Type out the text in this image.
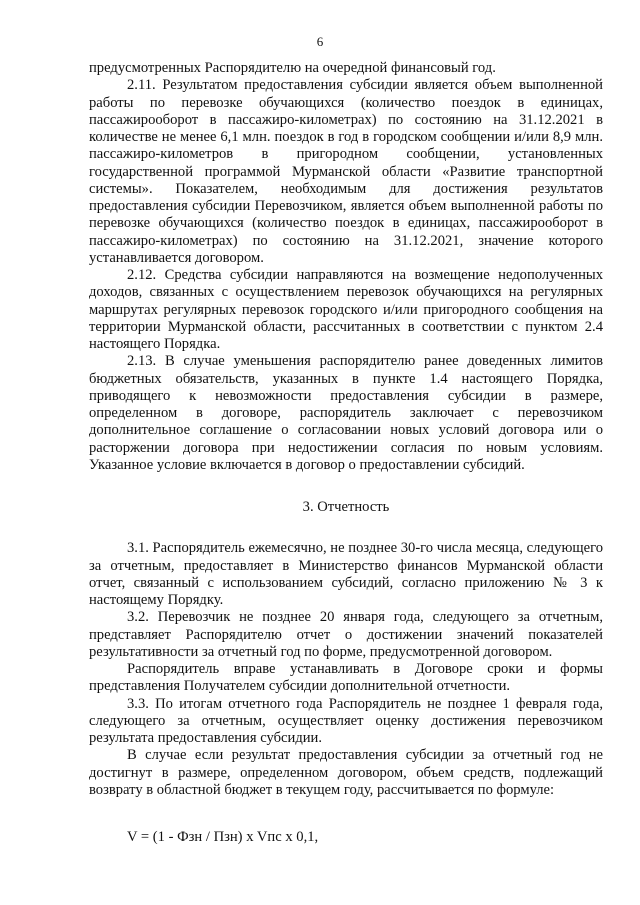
6

предусмотренных Распорядителю на очередной финансовый год.

2.11. Результатом предоставления субсидии является объем выполненной работы по перевозке обучающихся (количество поездок в единицах, пассажирооборот в пассажиро-километрах) по состоянию на 31.12.2021 в количестве не менее 6,1 млн. поездок в год в городском сообщении и/или 8,9 млн. пассажиро-километров в пригородном сообщении, установленных государственной программой Мурманской области «Развитие транспортной системы». Показателем, необходимым для достижения результатов предоставления субсидии Перевозчиком, является объем выполненной работы по перевозке обучающихся (количество поездок в единицах, пассажирооборот в пассажиро-километрах) по состоянию на 31.12.2021, значение которого устанавливается договором.

2.12. Средства субсидии направляются на возмещение недополученных доходов, связанных с осуществлением перевозок обучающихся на регулярных маршрутах регулярных перевозок городского и/или пригородного сообщения на территории Мурманской области, рассчитанных в соответствии с пунктом 2.4 настоящего Порядка.

2.13. В случае уменьшения распорядителю ранее доведенных лимитов бюджетных обязательств, указанных в пункте 1.4 настоящего Порядка, приводящего к невозможности предоставления субсидии в размере, определенном в договоре, распорядитель заключает с перевозчиком дополнительное соглашение о согласовании новых условий договора или о расторжении договора при недостижении согласия по новым условиям. Указанное условие включается в договор о предоставлении субсидий.

3. Отчетность

3.1. Распорядитель ежемесячно, не позднее 30-го числа месяца, следующего за отчетным, предоставляет в Министерство финансов Мурманской области отчет, связанный с использованием субсидий, согласно приложению № 3 к настоящему Порядку.

3.2. Перевозчик не позднее 20 января года, следующего за отчетным, представляет Распорядителю отчет о достижении значений показателей результативности за отчетный год по форме, предусмотренной договором.

Распорядитель вправе устанавливать в Договоре сроки и формы представления Получателем субсидии дополнительной отчетности.

3.3. По итогам отчетного года Распорядитель не позднее 1 февраля года, следующего за отчетным, осуществляет оценку достижения перевозчиком результата предоставления субсидии.

В случае если результат предоставления субсидии за отчетный год не достигнут в размере, определенном договором, объем средств, подлежащий возврату в областной бюджет в текущем году, рассчитывается по формуле:

V = (1 - Фзн / Пзн) x Vпс x 0,1,
